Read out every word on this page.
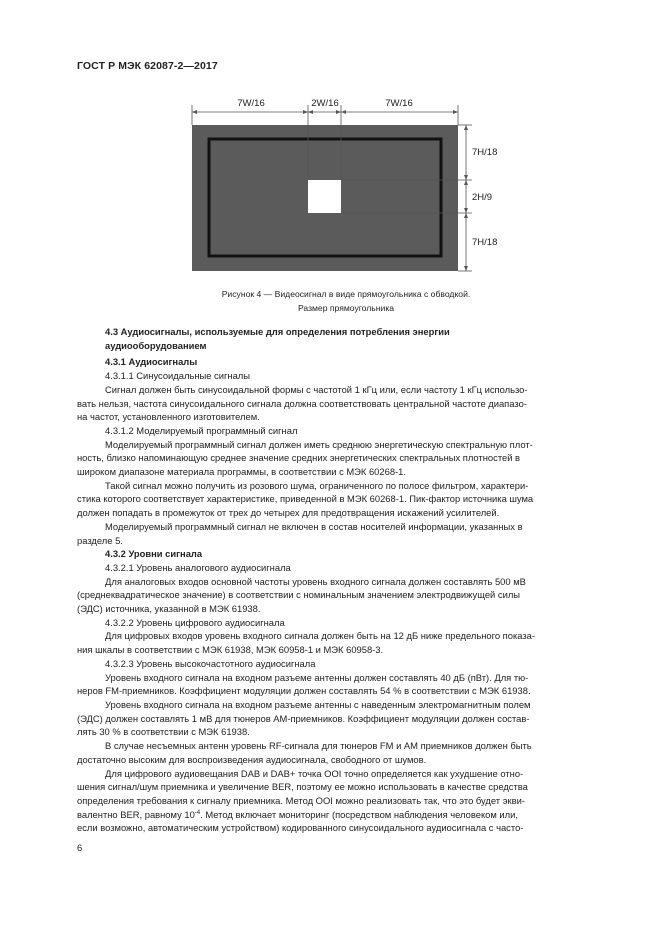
ГОСТ Р МЭК 62087-2—2017
7W/16	2W/16	7W/16
7H/18
2H/9
7H/18
Рисунок 4 — Видеосигнал в виде прямоугольника с обводкой.
Размер прямоугольника
4.3 Аудиосигналы, используемые для определения потребления энергии
аудиооборудованием
4.3.1 Аудиосигналы
4.3.1.1 Синусоидальные сигналы
Сигнал должен быть синусоидальной формы с частотой 1 кГц или, если частоту 1 кГц использо-
вать нельзя, частота синусоидального сигнала должна соответствовать центральной частоте диапазо-
на частот, установленного изготовителем.
4.3.1.2 Моделируемый программный сигнал
Моделируемый программный сигнал должен иметь среднюю энергетическую спектральную плот-
ность, близко напоминающую среднее значение средних энергетических спектральных плотностей в
широком диапазоне материала программы, в соответствии с МЭК 60268-1.
Такой сигнал можно получить из розового шума, ограниченного по полосе фильтром, характери-
стика которого соответствует характеристике, приведенной в МЭК 60268-1. Пик-фактор источника шума
должен попадать в промежуток от трех до четырех для предотвращения искажений усилителей.
Моделируемый программный сигнал не включен в состав носителей информации, указанных в
разделе 5.
4.3.2 Уровни сигнала
4.3.2.1 Уровень аналогового аудиосигнала
Для аналоговых входов основной частоты уровень входного сигнала должен составлять 500 мВ
(среднеквадратическое значение) в соответствии с номинальным значением электродвижущей силы
(ЭДС) источника, указанной в МЭК 61938.
4.3.2.2 Уровень цифрового аудиосигнала
Для цифровых входов уровень входного сигнала должен быть на 12 дБ ниже предельного показа-
ния шкалы в соответствии с МЭК 61938, МЭК 60958-1 и МЭК 60958-3.
4.3.2.3 Уровень высокочастотного аудиосигнала
Уровень входного сигнала на входном разъеме антенны должен составлять 40 дБ (пВт). Для тю-
неров FM-приемников. Коэффициент модуляции должен составлять 54 % в соответствии с МЭК 61938.
Уровень входного сигнала на входном разъеме антенны с наведенным электромагнитным полем
(ЭДС) должен составлять 1 мВ для тюнеров АМ-приемников. Коэффициент модуляции должен состав-
лять 30 % в соответствии с МЭК 61938.
В случае несъемных антенн уровень RF-сигнала для тюнеров FM и АМ приемников должен быть
достаточно высоким для воспроизведения аудиосигнала, свободного от шумов.
Для цифрового аудиовещания DAB и DAB+ точка OOI точно определяется как ухудшение отно-
шения сигнал/шум приемника и увеличение BER, поэтому ее можно использовать в качестве средства
определения требования к сигналу приемника. Метод OOI можно реализовать так, что это будет экви-
валентно BER, равному $10^{-4}$. Метод включает мониторинг (посредством наблюдения человеком или,
если возможно, автоматическим устройством) кодированного синусоидального аудиосигнала с часто-
6
